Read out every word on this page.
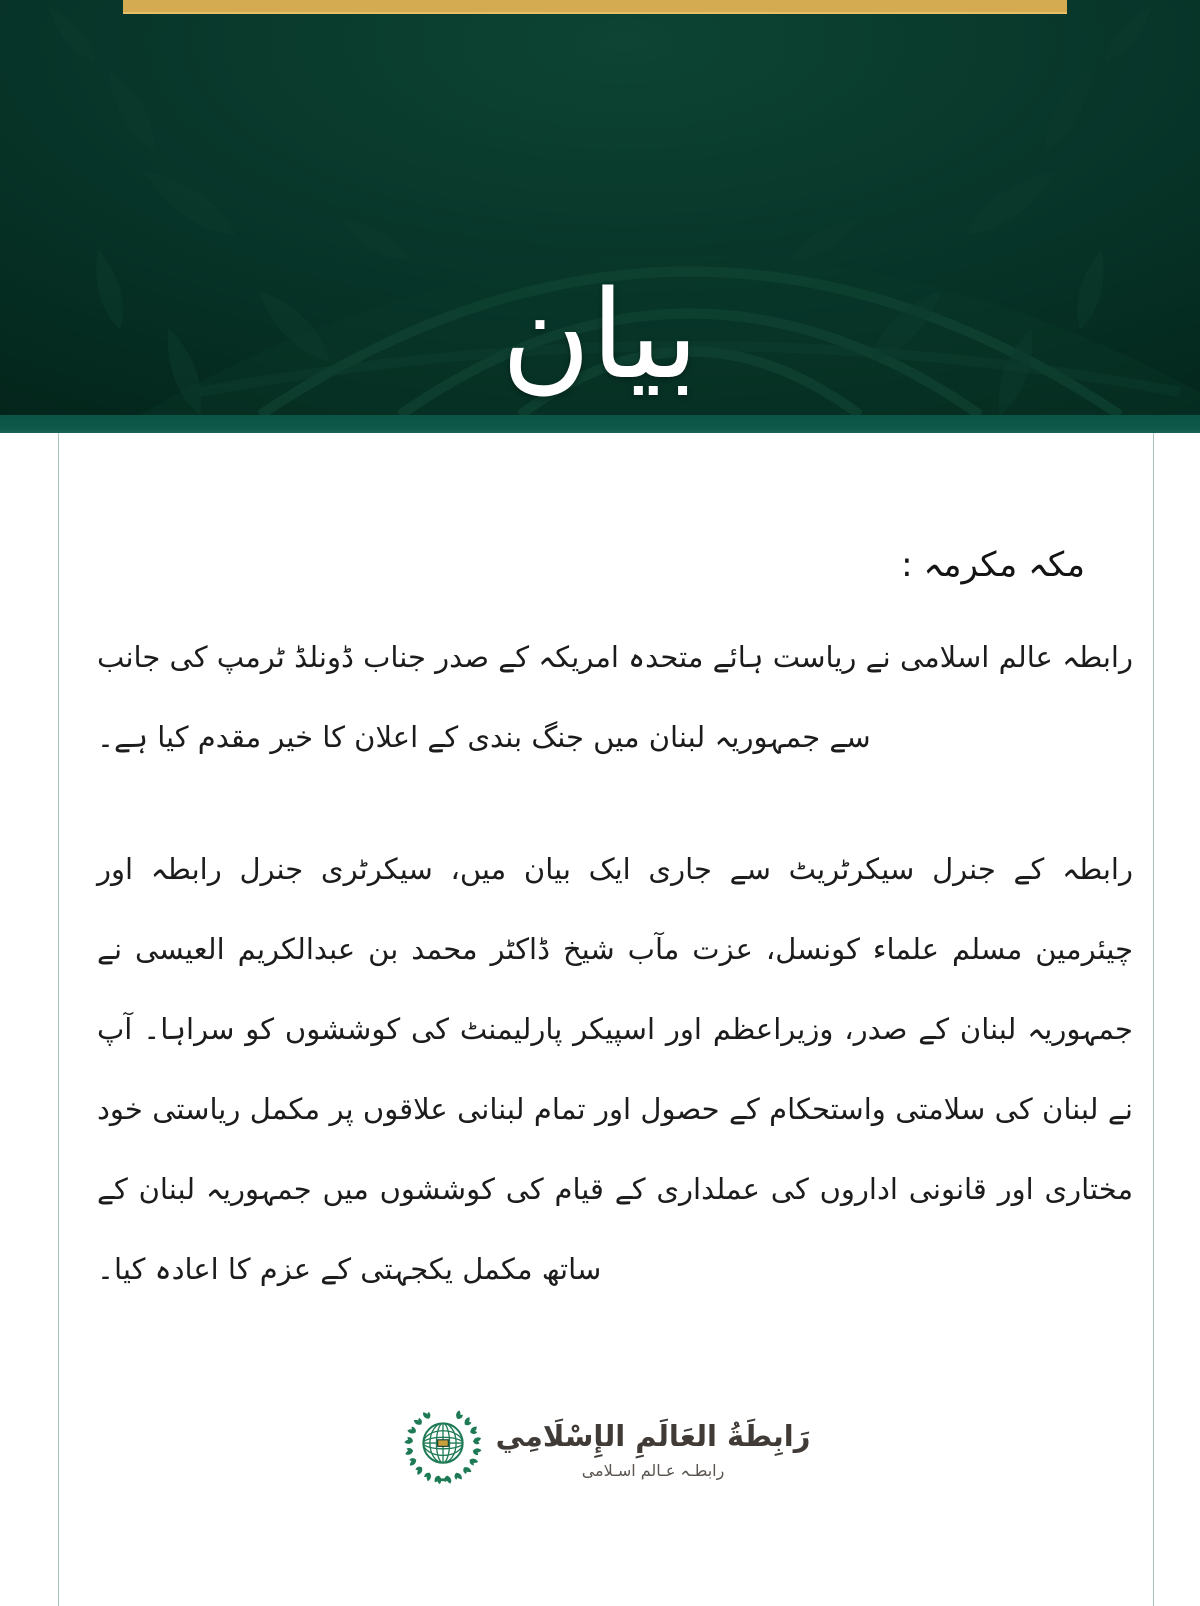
بيان
مکہ مکرمہ :

رابطہ عالم اسلامی نے ریاست ہائے متحدہ امریکہ کے صدر جناب ڈونلڈ ٹرمپ کی جانب سے جمہوریہ لبنان میں جنگ بندی کے اعلان کا خیر مقدم کیا ہے۔

رابطہ کے جنرل سیکرٹریٹ سے جاری ایک بیان میں، سیکرٹری جنرل رابطہ اور چیئرمین مسلم علماء کونسل، عزت مآب شیخ ڈاکٹر محمد بن عبدالکریم العیسی نے جمہوریہ لبنان کے صدر، وزیراعظم اور اسپیکر پارلیمنٹ کی کوششوں کو سراہا۔ آپ نے لبنان کی سلامتی واستحکام کے حصول اور تمام لبنانی علاقوں پر مکمل ریاستی خود مختاری اور قانونی اداروں کی عملداری کے قیام کی کوششوں میں جمہوریہ لبنان کے ساتھ مکمل یکجہتی کے عزم کا اعادہ کیا۔

رَابِطَةُ العَالَمِ الإِسْلَامِي
رابطـہ عـالم اسـلامی
